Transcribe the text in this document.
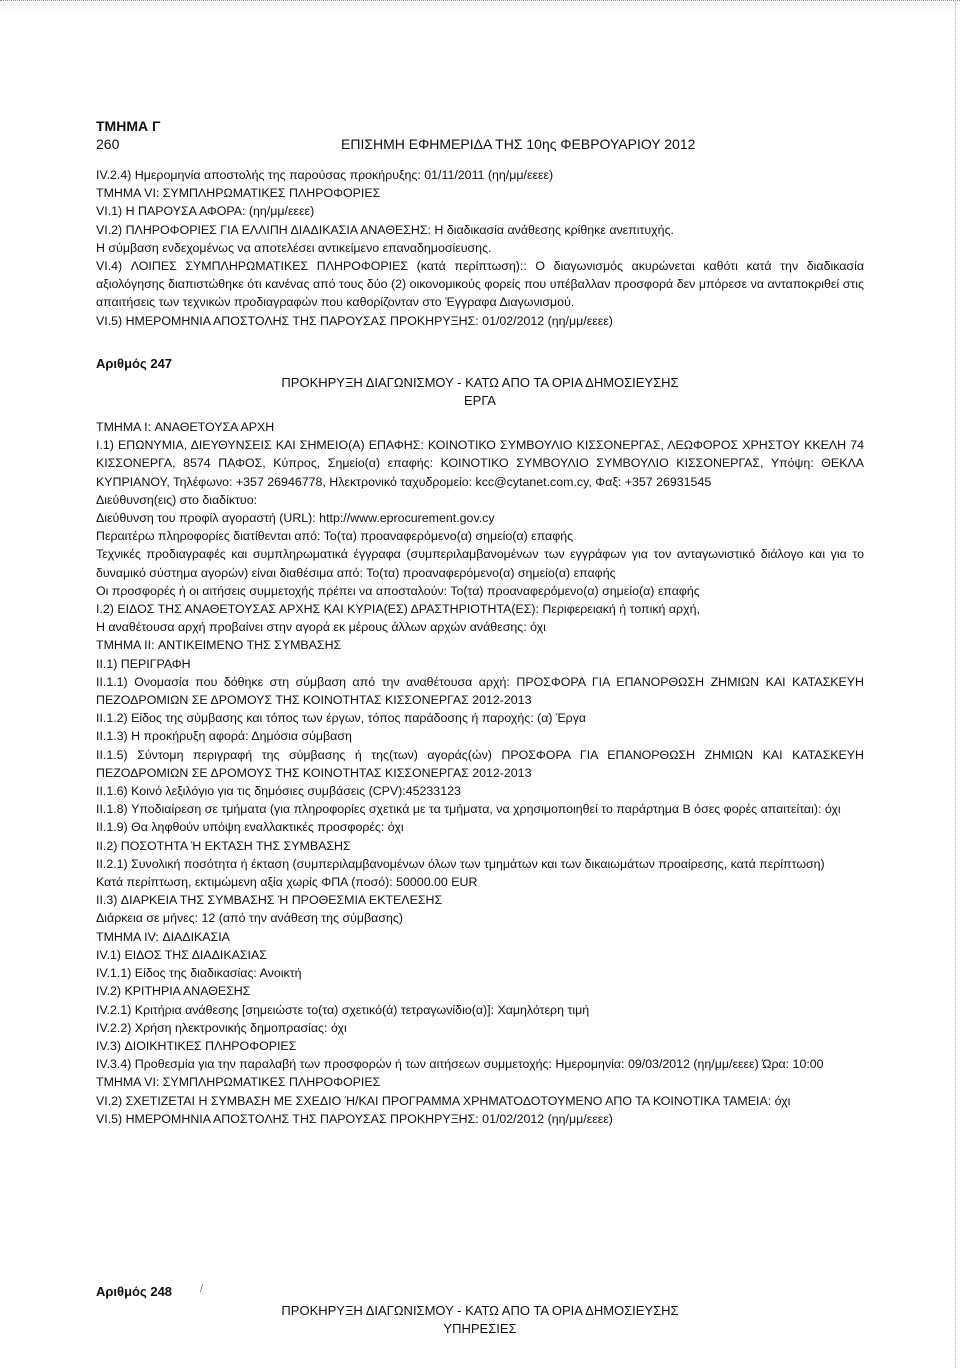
ΤΜΗΜΑ Γ
260	ΕΠΙΣΗΜΗ ΕΦΗΜΕΡΙΔΑ ΤΗΣ 10ης ΦΕΒΡΟΥΑΡΙΟΥ 2012

IV.2.4) Ημερομηνία αποστολής της παρούσας προκήρυξης: 01/11/2011 (ηη/μμ/εεεε)

ΤΜΗΜΑ VI: ΣΥΜΠΛΗΡΩΜΑΤΙΚΕΣ ΠΛΗΡΟΦΟΡΙΕΣ

VI.1) Η ΠΑΡΟΥΣΑ ΑΦΟΡΑ: (ηη/μμ/εεεε)

VI.2) ΠΛΗΡΟΦΟΡΙΕΣ ΓΙΑ ΕΛΛΙΠΗ ΔΙΑΔΙΚΑΣΙΑ ΑΝΑΘΕΣΗΣ: Η διαδικασία ανάθεσης κρίθηκε ανεπιτυχής.

Η σύμβαση ενδεχομένως να αποτελέσει αντικείμενο επαναδημοσίευσης.

VI.4) ΛΟΙΠΕΣ ΣΥΜΠΛΗΡΩΜΑΤΙΚΕΣ ΠΛΗΡΟΦΟΡΙΕΣ (κατά περίπτωση):: Ο διαγωνισμός ακυρώνεται καθότι κατά την διαδικασία αξιολόγησης διαπιστώθηκε ότι κανένας από τους δύο (2) οικονομικούς φορείς που υπέβαλλαν προσφορά δεν μπόρεσε να ανταποκριθεί στις απαιτήσεις των τεχνικών προδιαγραφών που καθορίζονταν στο Έγγραφα Διαγωνισμού.

VI.5) ΗΜΕΡΟΜΗΝΙΑ ΑΠΟΣΤΟΛΗΣ ΤΗΣ ΠΑΡΟΥΣΑΣ ΠΡΟΚΗΡΥΞΗΣ: 01/02/2012 (ηη/μμ/εεεε)

Αριθμός 247

ΠΡΟΚΗΡΥΞΗ ΔΙΑΓΩΝΙΣΜΟΥ - ΚΑΤΩ ΑΠΟ ΤΑ ΟΡΙΑ ΔΗΜΟΣΙΕΥΣΗΣ

ΕΡΓΑ

ΤΜΗΜΑ I: ΑΝΑΘΕΤΟΥΣΑ ΑΡΧΗ

I.1) ΕΠΩΝΥΜΙΑ, ΔΙΕΥΘΥΝΣΕΙΣ ΚΑΙ ΣΗΜΕΙΟ(Α) ΕΠΑΦΗΣ: ΚΟΙΝΟΤΙΚΟ ΣΥΜΒΟΥΛΙΟ ΚΙΣΣΟΝΕΡΓΑΣ, ΛΕΩΦΟΡΟΣ ΧΡΗΣΤΟΥ ΚΚΕΛΗ 74 ΚΙΣΣΟΝΕΡΓΑ, 8574 ΠΑΦΟΣ, Κύπρος, Σημείο(α) επαφής: ΚΟΙΝΟΤΙΚΟ ΣΥΜΒΟΥΛΙΟ ΣΥΜΒΟΥΛΙΟ ΚΙΣΣΟΝΕΡΓΑΣ, Υπόψη: ΘΕΚΛΑ ΚΥΠΡΙΑΝΟΥ, Τηλέφωνο: +357 26946778, Ηλεκτρονικό ταχυδρομείο: kcc@cytanet.com.cy, Φαξ: +357 26931545

Διεύθυνση(εις) στο διαδίκτυο:

Διεύθυνση του προφίλ αγοραστή (URL): http://www.eprocurement.gov.cy

Περαιτέρω πληροφορίες διατίθενται από: Το(τα) προαναφερόμενο(α) σημείο(α) επαφής

Τεχνικές προδιαγραφές και συμπληρωματικά έγγραφα (συμπεριλαμβανομένων των εγγράφων για τον ανταγωνιστικό διάλογο και για το δυναμικό σύστημα αγορών) είναι διαθέσιμα από: Το(τα) προαναφερόμενο(α) σημείο(α) επαφής

Οι προσφορές ή οι αιτήσεις συμμετοχής πρέπει να αποσταλούν: Το(τα) προαναφερόμενο(α) σημείο(α) επαφής

I.2) ΕΙΔΟΣ ΤΗΣ ΑΝΑΘΕΤΟΥΣΑΣ ΑΡΧΗΣ ΚΑΙ ΚΥΡΙΑ(ΕΣ) ΔΡΑΣΤΗΡΙΟΤΗΤΑ(ΕΣ): Περιφερειακή ή τοπική αρχή,

Η αναθέτουσα αρχή προβαίνει στην αγορά εκ μέρους άλλων αρχών ανάθεσης: όχι

ΤΜΗΜΑ II: ΑΝΤΙΚΕΙΜΕΝΟ ΤΗΣ ΣΥΜΒΑΣΗΣ

II.1) ΠΕΡΙΓΡΑΦΗ

II.1.1) Ονομασία που δόθηκε στη σύμβαση από την αναθέτουσα αρχή: ΠΡΟΣΦΟΡΑ ΓΙΑ ΕΠΑΝΟΡΘΩΣΗ ΖΗΜΙΩΝ ΚΑΙ ΚΑΤΑΣΚΕΥΗ ΠΕΖΟΔΡΟΜΙΩΝ ΣΕ ΔΡΟΜΟΥΣ ΤΗΣ ΚΟΙΝΟΤΗΤΑΣ ΚΙΣΣΟΝΕΡΓΑΣ 2012-2013

II.1.2) Είδος της σύμβασης και τόπος των έργων, τόπος παράδοσης ή παροχής: (α) Έργα

II.1.3) Η προκήρυξη αφορά: Δημόσια σύμβαση

II.1.5) Σύντομη περιγραφή της σύμβασης ή της(των) αγοράς(ών) ΠΡΟΣΦΟΡΑ ΓΙΑ ΕΠΑΝΟΡΘΩΣΗ ΖΗΜΙΩΝ ΚΑΙ ΚΑΤΑΣΚΕΥΗ ΠΕΖΟΔΡΟΜΙΩΝ ΣΕ ΔΡΟΜΟΥΣ ΤΗΣ ΚΟΙΝΟΤΗΤΑΣ ΚΙΣΣΟΝΕΡΓΑΣ 2012-2013

II.1.6) Κοινό λεξιλόγιο για τις δημόσιες συμβάσεις (CPV):45233123

II.1.8) Υποδιαίρεση σε τμήματα (για πληροφορίες σχετικά με τα τμήματα, να χρησιμοποιηθεί το παράρτημα Β όσες φορές απαιτείται): όχι

II.1.9) Θα ληφθούν υπόψη εναλλακτικές προσφορές: όχι

II.2) ΠΟΣΟΤΗΤΑ Ή ΕΚΤΑΣΗ ΤΗΣ ΣΥΜΒΑΣΗΣ

II.2.1) Συνολική ποσότητα ή έκταση (συμπεριλαμβανομένων όλων των τμημάτων και των δικαιωμάτων προαίρεσης, κατά περίπτωση)

Κατά περίπτωση, εκτιμώμενη αξία χωρίς ΦΠΑ (ποσό): 50000.00 EUR

II.3) ΔΙΑΡΚΕΙΑ ΤΗΣ ΣΥΜΒΑΣΗΣ Ή ΠΡΟΘΕΣΜΙΑ ΕΚΤΕΛΕΣΗΣ

Διάρκεια σε μήνες: 12 (από την ανάθεση της σύμβασης)

ΤΜΗΜΑ IV: ΔΙΑΔΙΚΑΣΙΑ

IV.1) ΕΙΔΟΣ ΤΗΣ ΔΙΑΔΙΚΑΣΙΑΣ

IV.1.1) Είδος της διαδικασίας: Ανοικτή

IV.2) ΚΡΙΤΗΡΙΑ ΑΝΑΘΕΣΗΣ

IV.2.1) Κριτήρια ανάθεσης [σημειώστε το(τα) σχετικό(ά) τετραγωνίδιο(α)]: Χαμηλότερη τιμή

IV.2.2) Χρήση ηλεκτρονικής δημοπρασίας: όχι

IV.3) ΔΙΟΙΚΗΤΙΚΕΣ ΠΛΗΡΟΦΟΡΙΕΣ

IV.3.4) Προθεσμία για την παραλαβή των προσφορών ή των αιτήσεων συμμετοχής: Ημερομηνία: 09/03/2012 (ηη/μμ/εεεε) Ώρα: 10:00

ΤΜΗΜΑ VI: ΣΥΜΠΛΗΡΩΜΑΤΙΚΕΣ ΠΛΗΡΟΦΟΡΙΕΣ

VI.2) ΣΧΕΤΙΖΕΤΑΙ Η ΣΥΜΒΑΣΗ ΜΕ ΣΧΕΔΙΟ Ή/ΚΑΙ ΠΡΟΓΡΑΜΜΑ ΧΡΗΜΑΤΟΔΟΤΟΥΜΕΝΟ ΑΠΟ ΤΑ ΚΟΙΝΟΤΙΚΑ ΤΑΜΕΙΑ: όχι

VI.5) ΗΜΕΡΟΜΗΝΙΑ ΑΠΟΣΤΟΛΗΣ ΤΗΣ ΠΑΡΟΥΣΑΣ ΠΡΟΚΗΡΥΞΗΣ: 01/02/2012 (ηη/μμ/εεεε)

Αριθμός 248	/

ΠΡΟΚΗΡΥΞΗ ΔΙΑΓΩΝΙΣΜΟΥ - ΚΑΤΩ ΑΠΟ ΤΑ ΟΡΙΑ ΔΗΜΟΣΙΕΥΣΗΣ

ΥΠΗΡΕΣΙΕΣ
